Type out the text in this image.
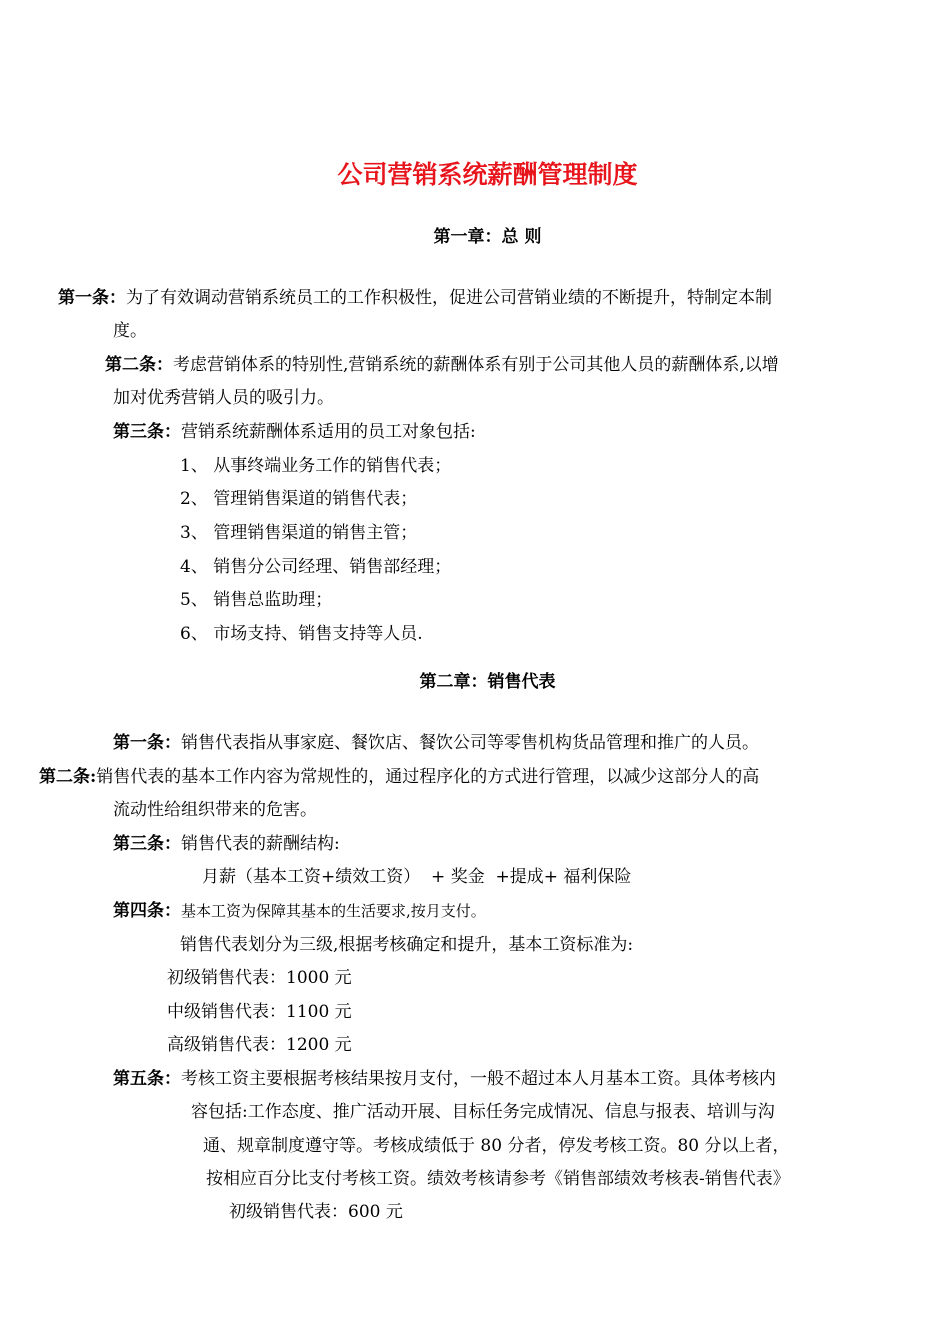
公司营销系统薪酬管理制度
第一章：总 则
第一条：为了有效调动营销系统员工的工作积极性，促进公司营销业绩的不断提升，特制定本制
度。
第二条：考虑营销体系的特别性,营销系统的薪酬体系有别于公司其他人员的薪酬体系,以增
加对优秀营销人员的吸引力。
第三条：营销系统薪酬体系适用的员工对象包括:
1、 从事终端业务工作的销售代表；
2、 管理销售渠道的销售代表；
3、 管理销售渠道的销售主管；
4、 销售分公司经理、销售部经理；
5、 销售总监助理；
6、 市场支持、销售支持等人员.
第二章：销售代表
第一条：销售代表指从事家庭、餐饮店、餐饮公司等零售机构货品管理和推广的人员。
第二条:销售代表的基本工作内容为常规性的，通过程序化的方式进行管理，以减少这部分人的高
流动性给组织带来的危害。
第三条：销售代表的薪酬结构:
月薪（基本工资+绩效工资）  + 奖金  +提成+ 福利保险
第四条：基本工资为保障其基本的生活要求,按月支付。
销售代表划分为三级,根据考核确定和提升，基本工资标准为:
初级销售代表：1000 元
中级销售代表：1100 元
高级销售代表：1200 元
第五条：考核工资主要根据考核结果按月支付，一般不超过本人月基本工资。具体考核内
容包括:工作态度、推广活动开展、目标任务完成情况、信息与报表、培训与沟
通、规章制度遵守等。考核成绩低于 80 分者，停发考核工资。80 分以上者，
按相应百分比支付考核工资。绩效考核请参考《销售部绩效考核表-销售代表》
初级销售代表：600 元
